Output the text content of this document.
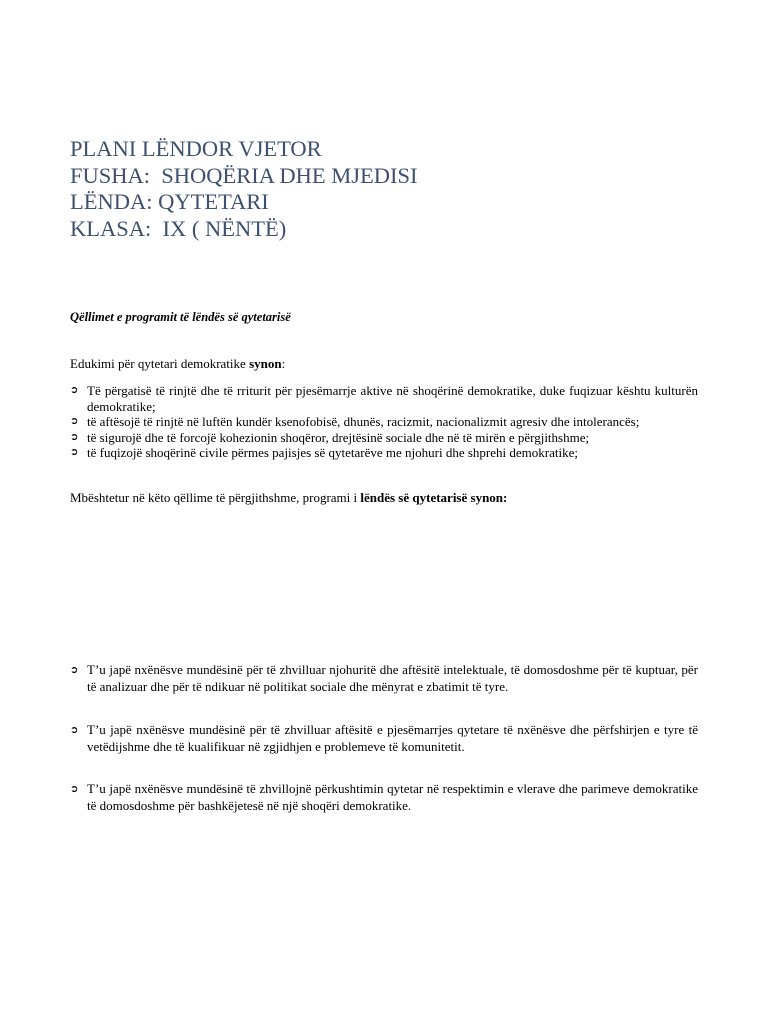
PLANI LËNDOR VJETOR
FUSHA:  SHOQËRIA DHE MJEDISI
LËNDA: QYTETARI
KLASA:  IX ( NËNTË)
Qëllimet e programit të lëndës së qytetarisë
Edukimi për qytetari demokratike synon:
➲ Të përgatisë të rinjtë dhe të rriturit për pjesëmarrje aktive në shoqërinë demokratike, duke fuqizuar kështu kulturën demokratike;
➲ të aftësojë të rinjtë në luftën kundër ksenofobisë, dhunës, racizmit, nacionalizmit agresiv dhe intolerancës;
➲ të sigurojë dhe të forcojë kohezionin shoqëror, drejtësinë sociale dhe në të mirën e përgjithshme;
➲ të fuqizojë shoqërinë civile përmes pajisjes së qytetarëve me njohuri dhe shprehi demokratike;
Mbështetur në këto qëllime të përgjithshme, programi i lëndës së qytetarisë synon:
➲ T’u japë nxënësve mundësinë për të zhvilluar njohuritë dhe aftësitë intelektuale, të domosdoshme për të kuptuar, për të analizuar dhe për të ndikuar në politikat sociale dhe mënyrat e zbatimit të tyre.
➲ T’u japë nxënësve mundësinë për të zhvilluar aftësitë e pjesëmarrjes qytetare të nxënësve dhe përfshirjen e tyre të vetëdijshme dhe të kualifikuar në zgjidhjen e problemeve të komunitetit.
➲ T’u japë nxënësve mundësinë të zhvillojnë përkushtimin qytetar në respektimin e vlerave dhe parimeve demokratike të domosdoshme për bashkëjetesë në një shoqëri demokratike.
